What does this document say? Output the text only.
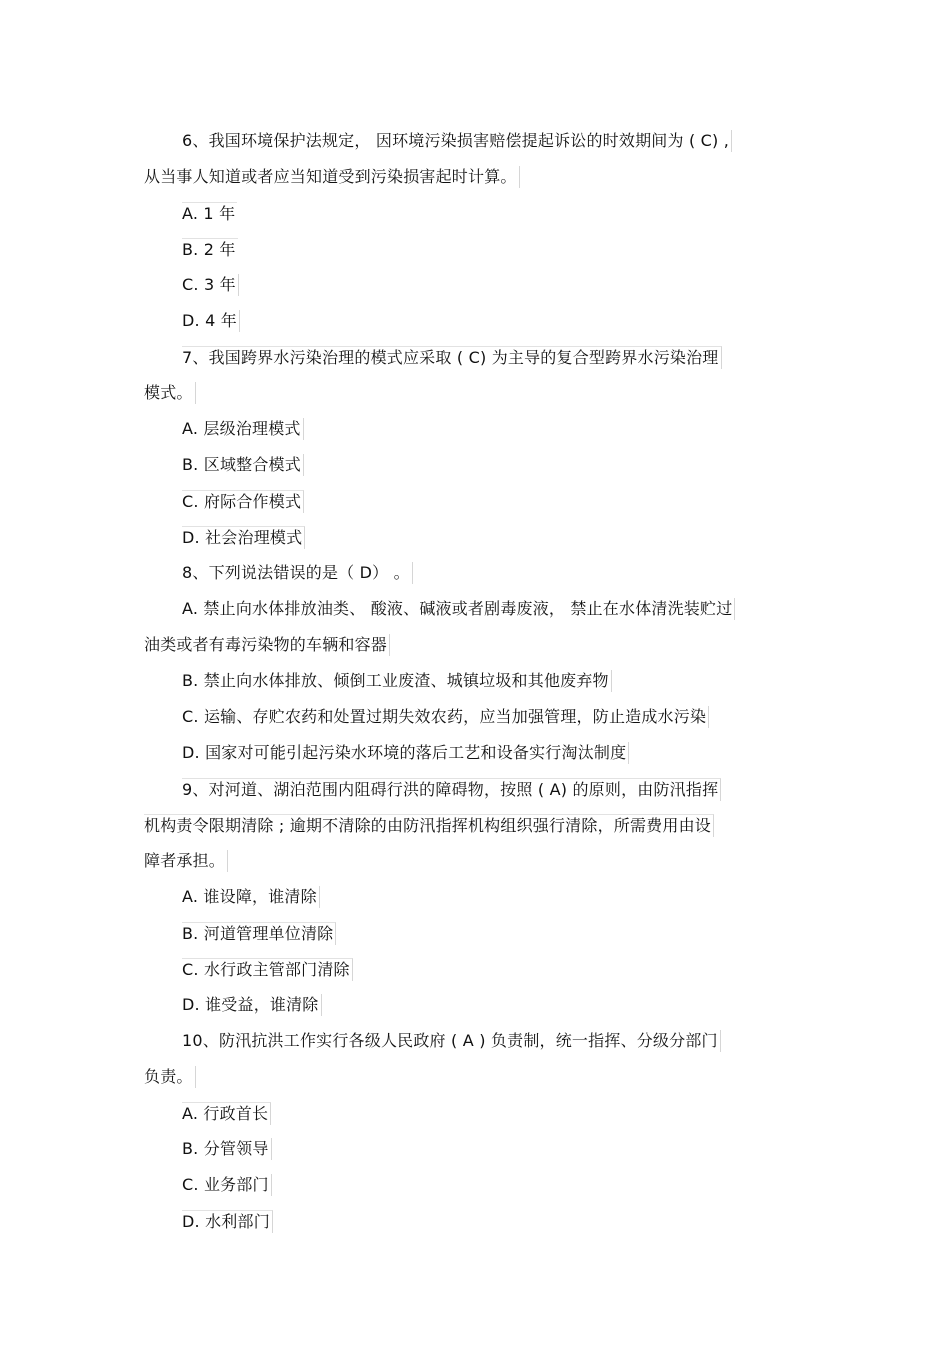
6、我国环境保护法规定， 因环境污染损害赔偿提起诉讼的时效期间为 ( C) ,
从当事人知道或者应当知道受到污染损害起时计算。
A. 1 年
B. 2 年
C. 3 年
D. 4 年
7、我国跨界水污染治理的模式应采取 ( C) 为主导的复合型跨界水污染治理
模式。
A. 层级治理模式
B. 区域整合模式
C. 府际合作模式
D. 社会治理模式
8、下列说法错误的是（ D） 。
A. 禁止向水体排放油类、 酸液、碱液或者剧毒废液， 禁止在水体清洗装贮过
油类或者有毒污染物的车辆和容器
B. 禁止向水体排放、倾倒工业废渣、城镇垃圾和其他废弃物
C. 运输、存贮农药和处置过期失效农药，应当加强管理，防止造成水污染
D. 国家对可能引起污染水环境的落后工艺和设备实行淘汰制度
9、对河道、湖泊范围内阻碍行洪的障碍物，按照 ( A) 的原则，由防汛指挥
机构责令限期清除 ; 逾期不清除的由防汛指挥机构组织强行清除，所需费用由设
障者承担。
A. 谁设障，谁清除
B. 河道管理单位清除
C. 水行政主管部门清除
D. 谁受益，谁清除
10、防汛抗洪工作实行各级人民政府 ( A ) 负责制，统一指挥、分级分部门
负责。
A. 行政首长
B. 分管领导
C. 业务部门
D. 水利部门
